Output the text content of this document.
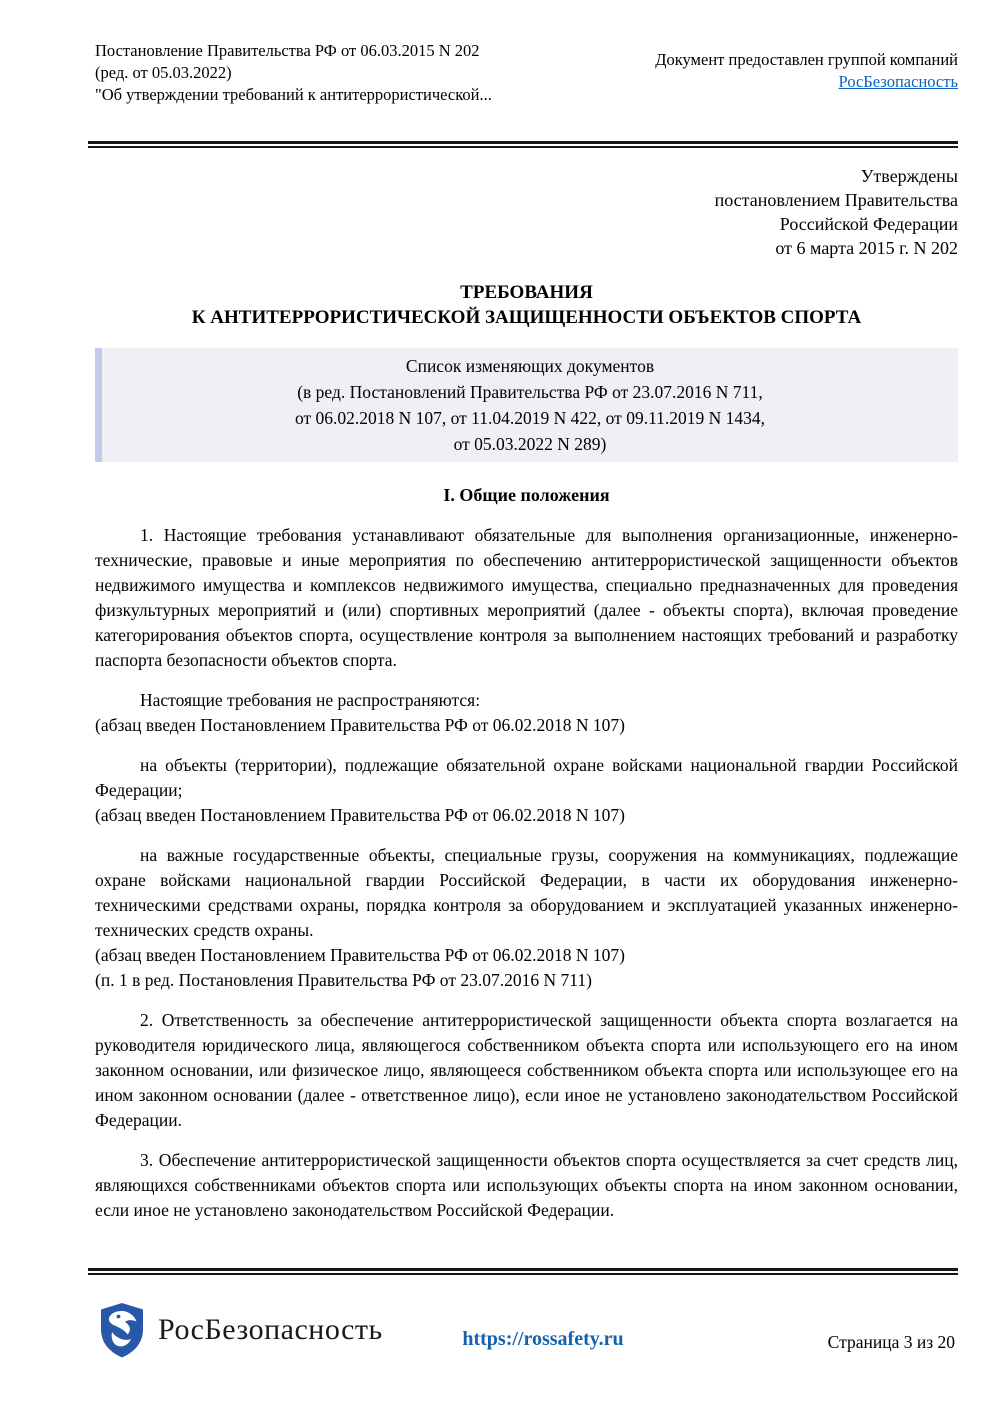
Постановление Правительства РФ от 06.03.2015 N 202
(ред. от 05.03.2022)
"Об утверждении требований к антитеррористической...
Документ предоставлен группой компаний
РосБезопасность
Утверждены
постановлением Правительства
Российской Федерации
от 6 марта 2015 г. N 202
ТРЕБОВАНИЯ
К АНТИТЕРРОРИСТИЧЕСКОЙ ЗАЩИЩЕННОСТИ ОБЪЕКТОВ СПОРТА
Список изменяющих документов
(в ред. Постановлений Правительства РФ от 23.07.2016 N 711,
от 06.02.2018 N 107, от 11.04.2019 N 422, от 09.11.2019 N 1434,
от 05.03.2022 N 289)
I. Общие положения

1. Настоящие требования устанавливают обязательные для выполнения организационные, инженерно-технические, правовые и иные мероприятия по обеспечению антитеррористической защищенности объектов недвижимого имущества и комплексов недвижимого имущества, специально предназначенных для проведения физкультурных мероприятий и (или) спортивных мероприятий (далее - объекты спорта), включая проведение категорирования объектов спорта, осуществление контроля за выполнением настоящих требований и разработку паспорта безопасности объектов спорта.

Настоящие требования не распространяются:

(абзац введен Постановлением Правительства РФ от 06.02.2018 N 107)

на объекты (территории), подлежащие обязательной охране войсками национальной гвардии Российской Федерации;

(абзац введен Постановлением Правительства РФ от 06.02.2018 N 107)

на важные государственные объекты, специальные грузы, сооружения на коммуникациях, подлежащие охране войсками национальной гвардии Российской Федерации, в части их оборудования инженерно-техническими средствами охраны, порядка контроля за оборудованием и эксплуатацией указанных инженерно-технических средств охраны.

(абзац введен Постановлением Правительства РФ от 06.02.2018 N 107)

(п. 1 в ред. Постановления Правительства РФ от 23.07.2016 N 711)

2. Ответственность за обеспечение антитеррористической защищенности объекта спорта возлагается на руководителя юридического лица, являющегося собственником объекта спорта или использующего его на ином законном основании, или физическое лицо, являющееся собственником объекта спорта или использующее его на ином законном основании (далее - ответственное лицо), если иное не установлено законодательством Российской Федерации.

3. Обеспечение антитеррористической защищенности объектов спорта осуществляется за счет средств лиц, являющихся собственниками объектов спорта или использующих объекты спорта на ином законном основании, если иное не установлено законодательством Российской Федерации.

РосБезопасность	https://rossafety.ru	Страница 3 из 20
